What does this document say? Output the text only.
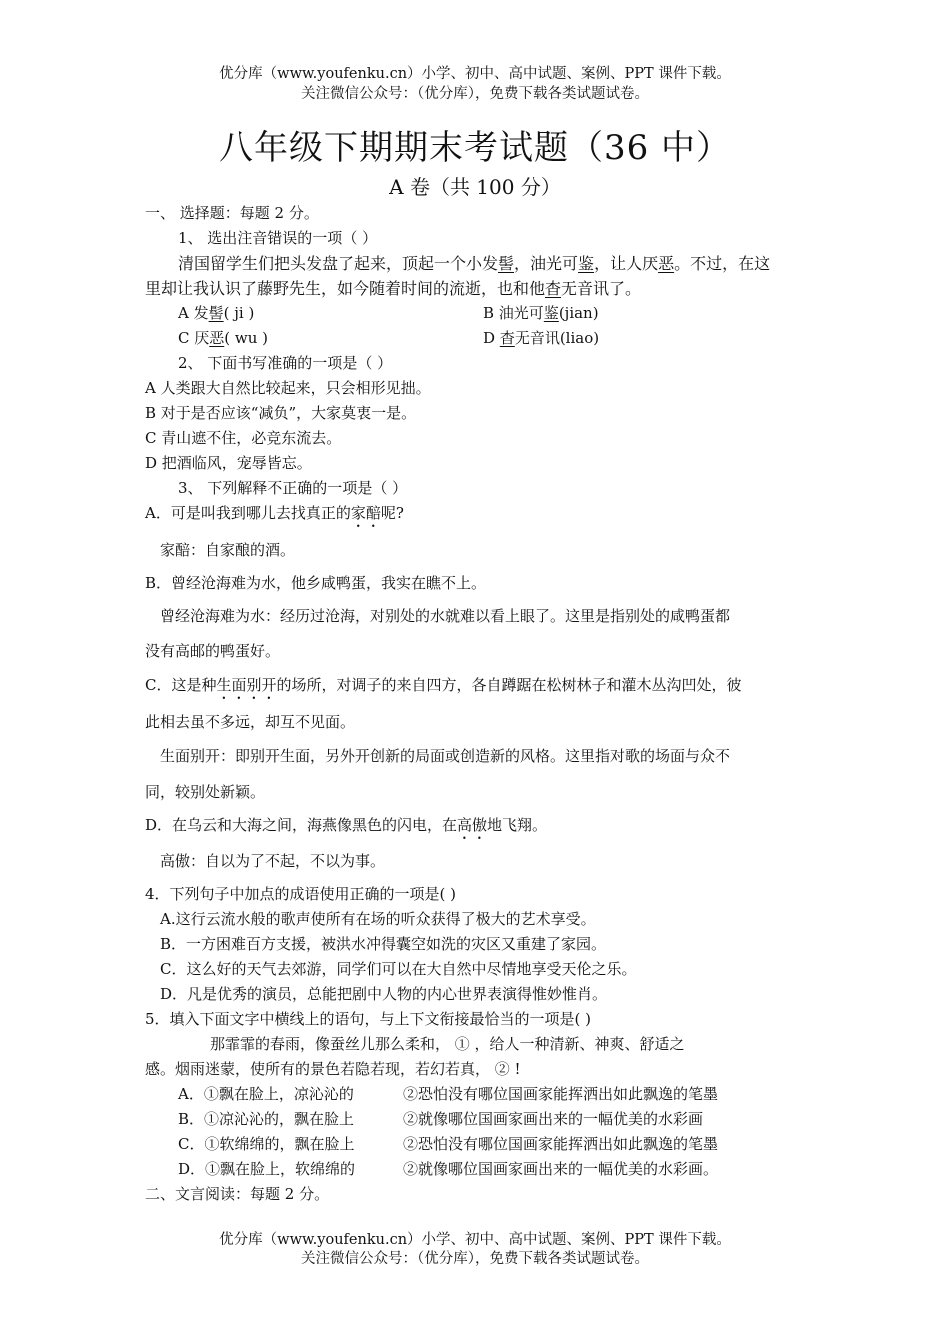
优分库（www.youfenku.cn）小学、初中、高中试题、案例、PPT 课件下载。
关注微信公众号：（优分库），免费下载各类试题试卷。
八年级下期期末考试题（36 中）
A 卷（共 100 分）
一、 选择题：每题 2 分。
1、 选出注音错误的一项（ ）
清国留学生们把头发盘了起来，顶起一个小发髻，油光可鉴，让人厌恶。不过，在这
里却让我认识了藤野先生，如今随着时间的流逝，也和他杳无音讯了。
A 发髻( ji )	B 油光可鉴(jian)
C 厌恶( wu )	D 杳无音讯(liao)
2、 下面书写准确的一项是（ ）
A 人类跟大自然比较起来，只会相形见拙。
B 对于是否应该“减负”，大家莫衷一是。
C 青山遮不住，必竞东流去。
D 把酒临风，宠辱皆忘。
3、 下列解释不正确的一项是（ ）
A．可是叫我到哪儿去找真正的家醅呢?
家醅：自家酿的酒。
B．曾经沧海难为水，他乡咸鸭蛋，我实在瞧不上。
曾经沧海难为水：经历过沧海，对别处的水就难以看上眼了。这里是指别处的咸鸭蛋都
没有高邮的鸭蛋好。
C．这是种生面别开的场所，对调子的来自四方，各自蹲踞在松树林子和灌木丛沟凹处，彼
此相去虽不多远，却互不见面。
生面别开：即别开生面，另外开创新的局面或创造新的风格。这里指对歌的场面与众不
同，较别处新颖。
D．在乌云和大海之间，海燕像黑色的闪电，在高傲地飞翔。
高傲：自以为了不起，不以为事。
4．下列句子中加点的成语使用正确的一项是( )
A.这行云流水般的歌声使所有在场的听众获得了极大的艺术享受。
B．一方困难百方支援，被洪水冲得囊空如洗的灾区又重建了家园。
C．这么好的天气去郊游，同学们可以在大自然中尽情地享受天伦之乐。
D．凡是优秀的演员，总能把剧中人物的内心世界表演得惟妙惟肖。
5．填入下面文字中横线上的语句，与上下文衔接最恰当的一项是( )
那霏霏的春雨，像蚕丝儿那么柔和， ① ，给人一种清新、神爽、舒适之
感。烟雨迷蒙，使所有的景色若隐若现，若幻若真， ② !
A．①飘在脸上，凉沁沁的	②恐怕没有哪位国画家能挥洒出如此飘逸的笔墨
B．①凉沁沁的，飘在脸上	②就像哪位国画家画出来的一幅优美的水彩画
C．①软绵绵的，飘在脸上	②恐怕没有哪位国画家能挥洒出如此飘逸的笔墨
D．①飘在脸上，软绵绵的	②就像哪位国画家画出来的一幅优美的水彩画。
二、文言阅读：每题 2 分。
优分库（www.youfenku.cn）小学、初中、高中试题、案例、PPT 课件下载。
关注微信公众号：（优分库），免费下载各类试题试卷。
